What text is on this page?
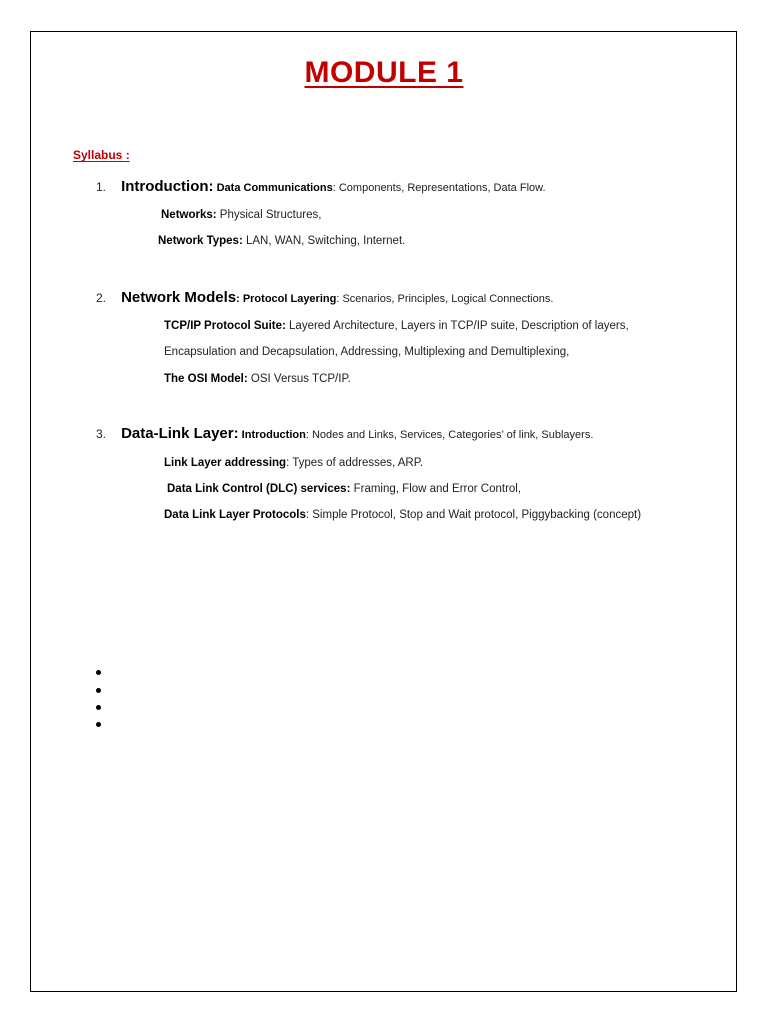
MODULE 1
Syllabus :
1. Introduction: Data Communications: Components, Representations, Data Flow.
Networks: Physical Structures,
Network Types: LAN, WAN, Switching, Internet.
2. Network Models: Protocol Layering: Scenarios, Principles, Logical Connections.
TCP/IP Protocol Suite: Layered Architecture, Layers in TCP/IP suite, Description of layers,
Encapsulation and Decapsulation, Addressing, Multiplexing and Demultiplexing,
The OSI Model: OSI Versus TCP/IP.
3. Data-Link Layer: Introduction: Nodes and Links, Services, Categories’ of link, Sublayers.
Link Layer addressing: Types of addresses, ARP.
Data Link Control (DLC) services: Framing, Flow and Error Control,
Data Link Layer Protocols: Simple Protocol, Stop and Wait protocol, Piggybacking (concept)
